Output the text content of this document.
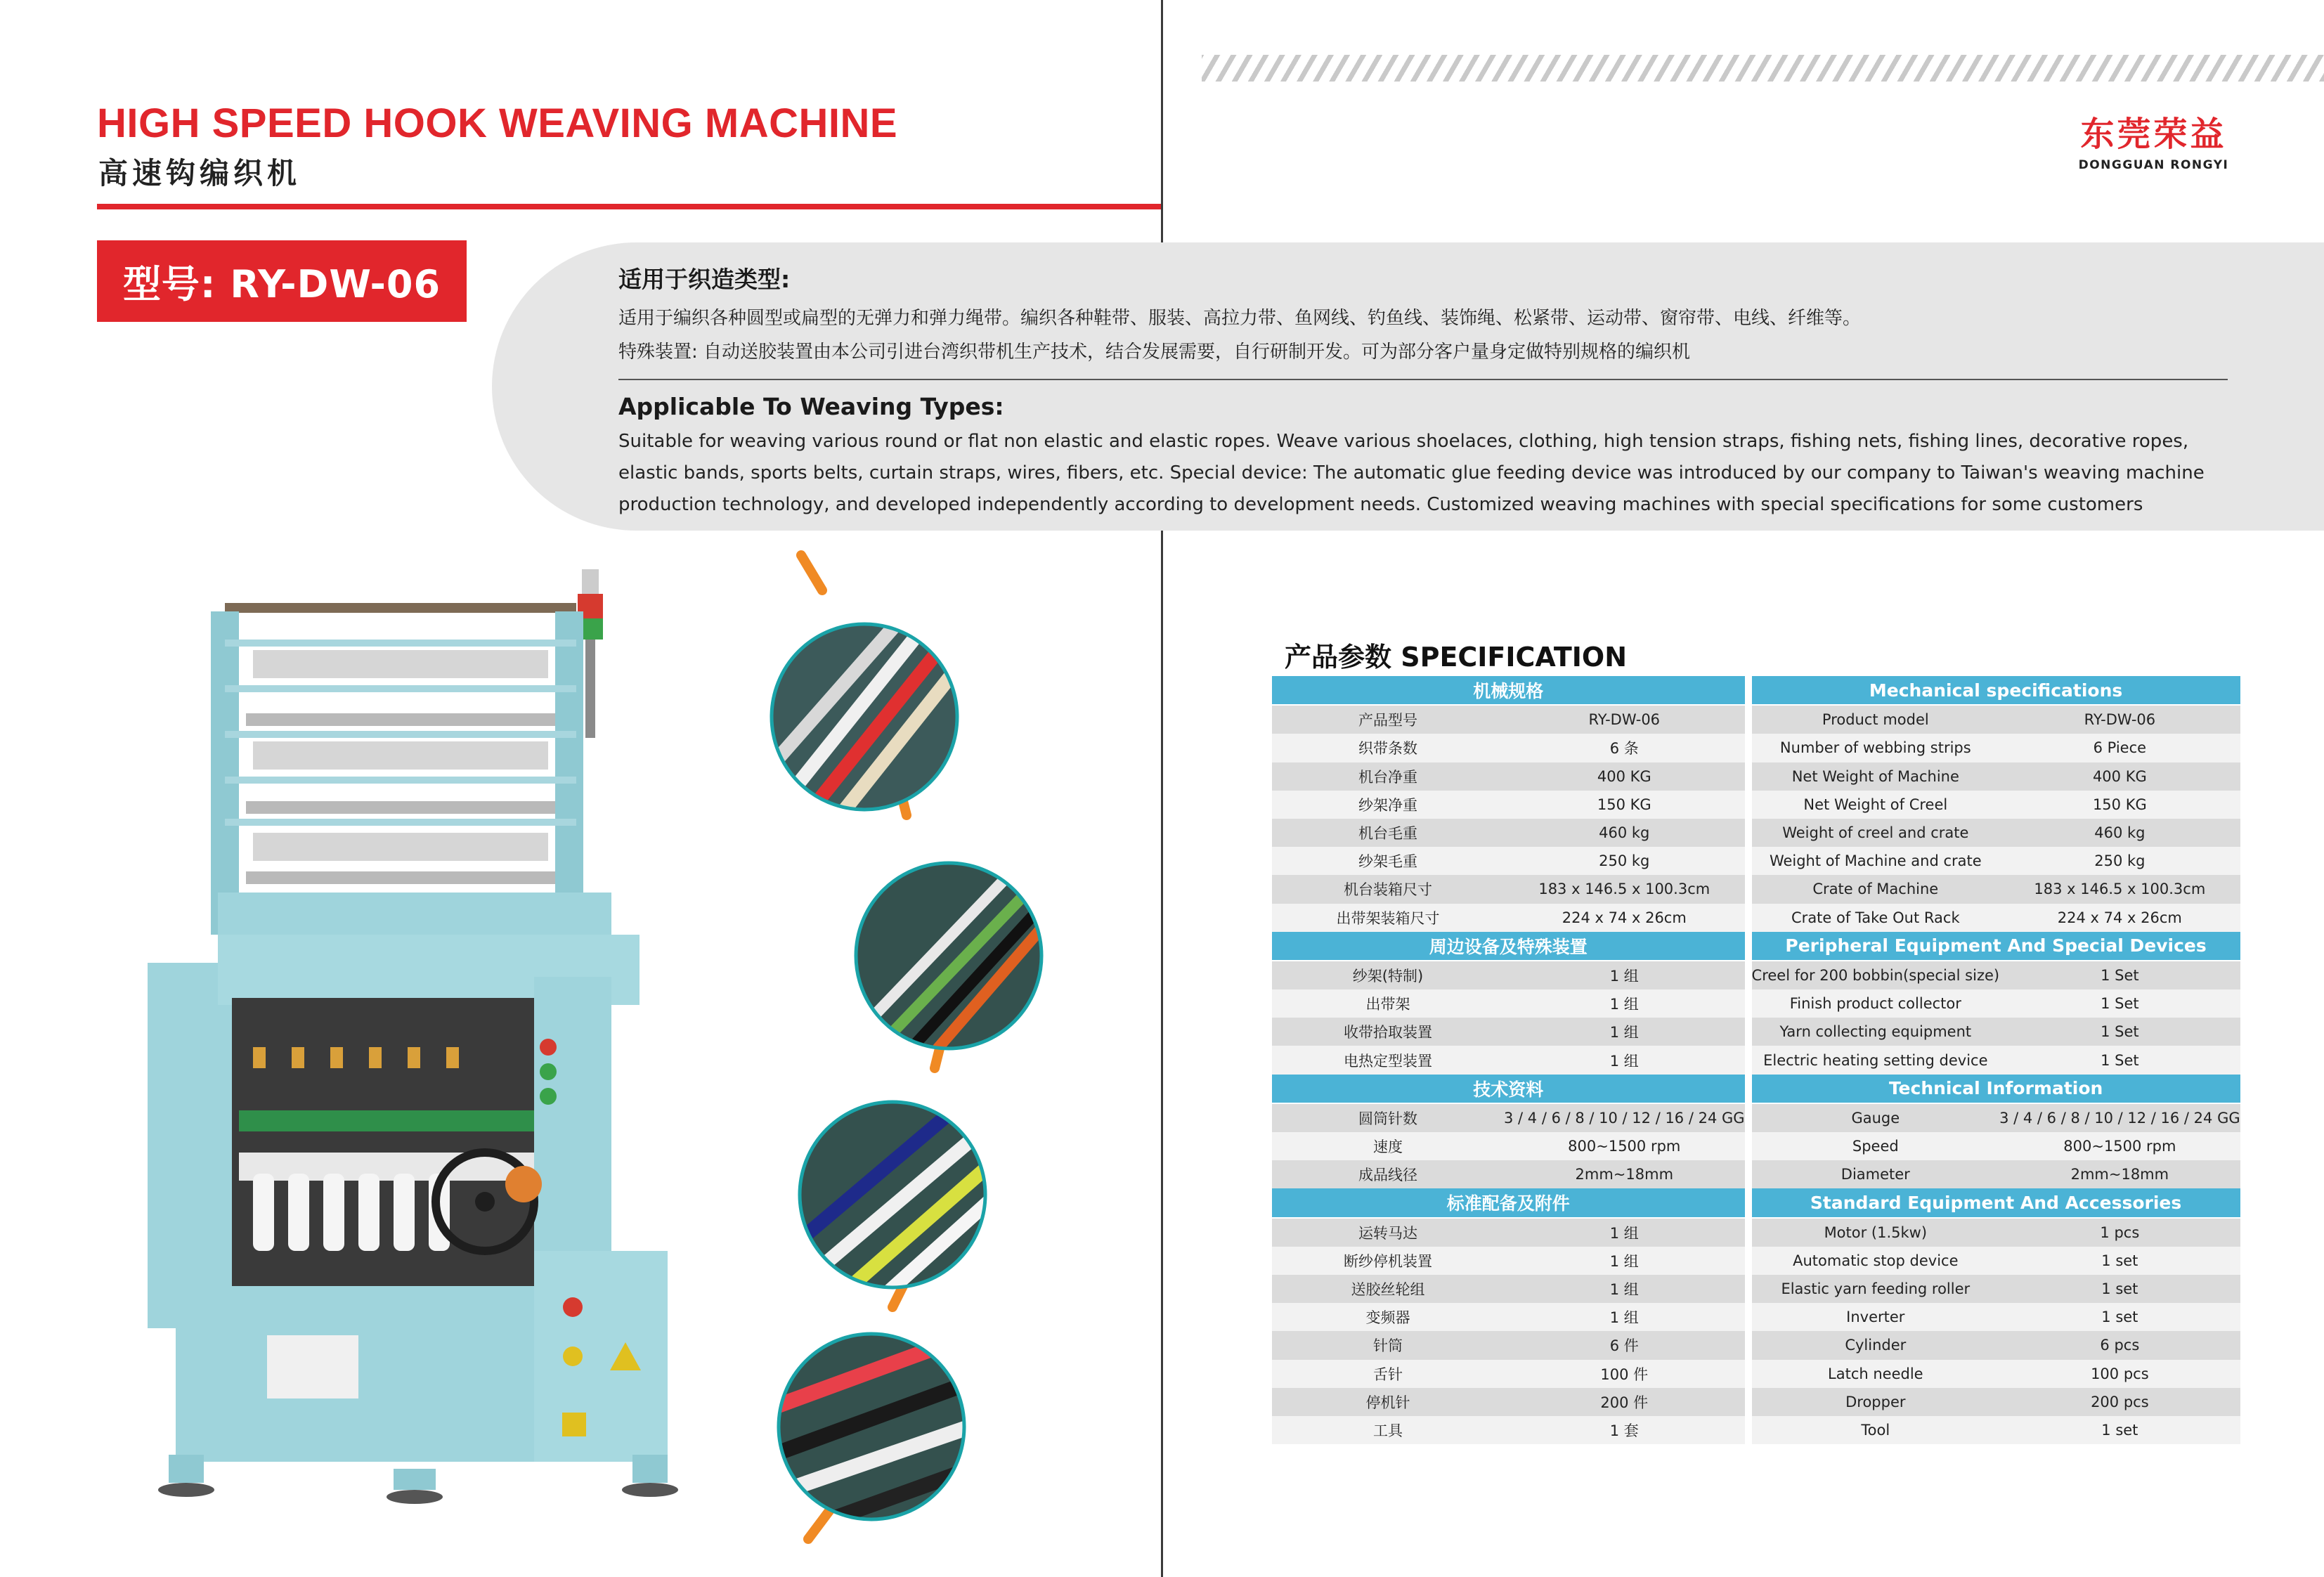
HIGH SPEED HOOK WEAVING MACHINE
高速钩编织机
型号: RY-DW-06
东莞荣益
DONGGUAN RONGYI
产品参数 SPECIFICATION
机械规格			Mechanical specifications	
产品型号	RY-DW-06		Product model	RY-DW-06
织带条数	6 条		Number of webbing strips	6 Piece
机台净重	400 KG		Net Weight of Machine	400 KG
纱架净重	150 KG		Net Weight of Creel	150 KG
机台毛重	460 kg		Weight of creel and crate	460 kg
纱架毛重	250 kg		Weight of Machine and crate	250 kg
机台装箱尺寸	183 x 146.5 x 100.3cm		Crate of Machine	183 x 146.5 x 100.3cm
出带架装箱尺寸	224 x 74 x 26cm		Crate of Take Out Rack	224 x 74 x 26cm
周边设备及特殊装置			Peripheral Equipment And Special Devices	
纱架(特制)	1 组		Creel for 200 bobbin(special size)	1 Set
出带架	1 组		Finish product collector	1 Set
收带拾取装置	1 组		Yarn collecting equipment	1 Set
电热定型装置	1 组		Electric heating setting device	1 Set
技术资料			Technical Information	
圆筒针数	3 / 4 / 6 / 8 / 10 / 12 / 16 / 24 GG		Gauge	3 / 4 / 6 / 8 / 10 / 12 / 16 / 24 GG
速度	800~1500 rpm		Speed	800~1500 rpm
成品线径	2mm~18mm		Diameter	2mm~18mm
标准配备及附件			Standard Equipment And Accessories	
运转马达	1 组		Motor (1.5kw)	1 pcs
断纱停机装置	1 组		Automatic stop device	1 set
送胶丝轮组	1 组		Elastic yarn feeding roller	1 set
变频器	1 组		Inverter	1 set
针筒	6 件		Cylinder	6 pcs
舌针	100 件		Latch needle	100 pcs
停机针	200 件		Dropper	200 pcs
工具	1 套		Tool	1 set
适用于织造类型:

适用于编织各种圆型或扁型的无弹力和弹力绳带。编织各种鞋带、服装、高拉力带、鱼网线、钓鱼线、装饰绳、松紧带、运动带、窗帘带、电线、纤维等。

特殊装置: 自动送胶装置由本公司引进台湾织带机生产技术，结合发展需要，自行研制开发。可为部分客户量身定做特别规格的编织机

Applicable To Weaving Types:

Suitable for weaving various round or flat non elastic and elastic ropes. Weave various shoelaces, clothing, high tension straps, fishing nets, fishing lines, decorative ropes, elastic bands, sports belts, curtain straps, wires, fibers, etc. Special device: The automatic glue feeding device was introduced by our company to Taiwan's weaving machine production technology, and developed independently according to development needs. Customized weaving machines with special specifications for some customers
